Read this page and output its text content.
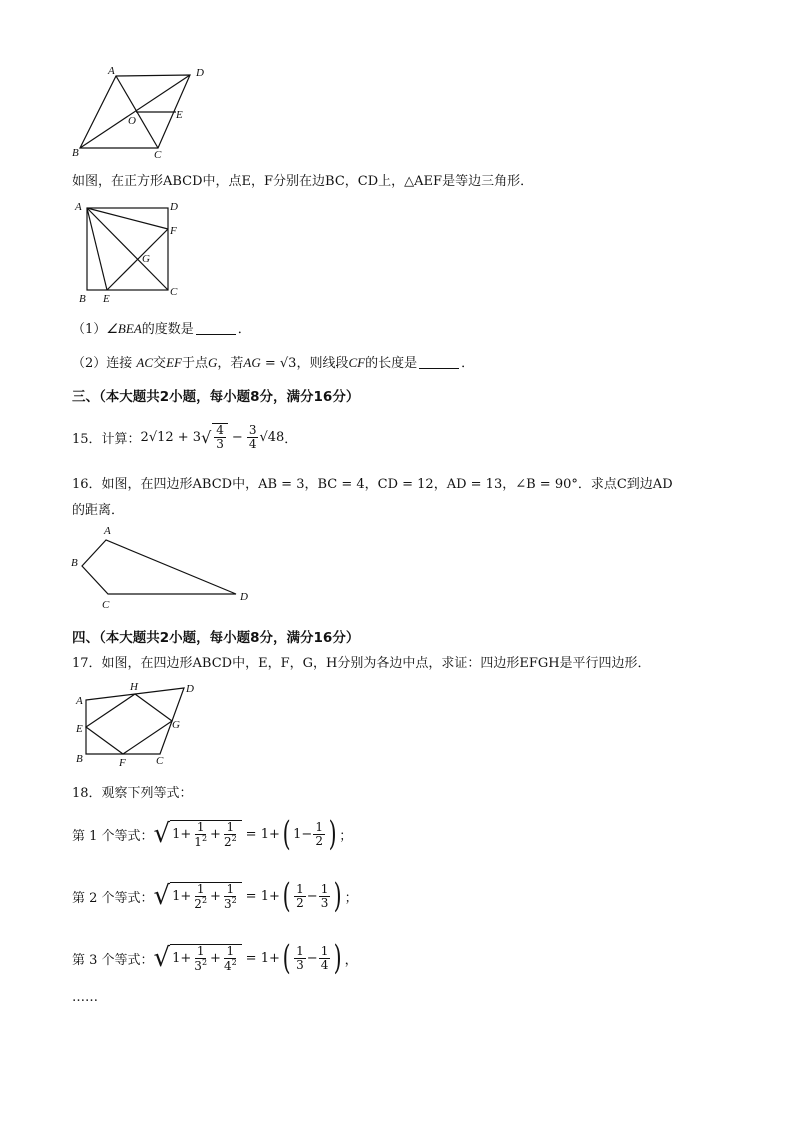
A	D
O	E
B	C
如图，在正方形ABCD中，点E，F分别在边BC，CD上，△AEF是等边三角形．
A	D
F
G
B E
C
（1）∠BEA的度数是	．
（2）连接 AC交EF于点G，若AG = √3，则线段CF的长度是	．
三、（本大题共2小题，每小题8分，满分16分）
15．计算： 2√12 + 3 √ $\frac{4}{3} - \frac{3}{4} √48$ ．
16．如图，在四边形ABCD中，AB = 3，BC = 4，CD = 12，AD = 13，∠B = 90°．求点C到边AD
的距离．
A
B
C
D
四、（本大题共2小题，每小题8分，满分16分）
17．如图，在四边形ABCD中，E，F，G，H分别为各边中点，求证：四边形EFGH是平行四边形．
A
D
H
E	G
B	F	C
18．观察下列等式：
第 1 个等式： √ $1+ \frac{1}{1^2} + \frac{1}{2^2} = 1+$ ( $1 - \frac{1}{2}$ ) ；
第 2 个等式： √ $1+ \frac{1}{2^2} + \frac{1}{3^2} = 1+$ ( $\frac{1}{2} - \frac{1}{3}$ ) ；
第 3 个等式： √ $1+ \frac{1}{3^2} + \frac{1}{4^2} = 1+$ ( $\frac{1}{3} - \frac{1}{4}$ ) ，
……
